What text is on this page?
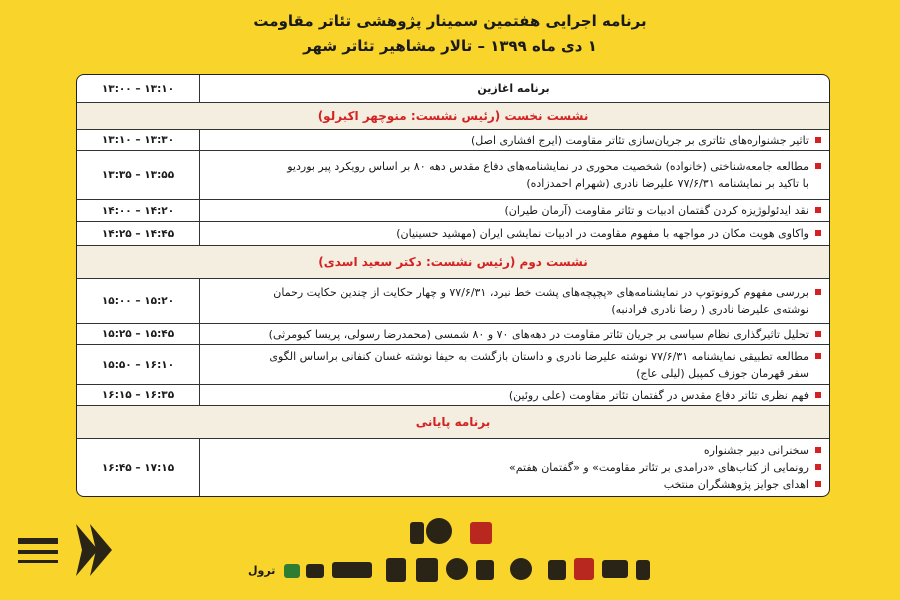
برنامه اجرایی هفتمین سمینار پژوهشی تئاتر مقاومت
۱ دی ماه ۱۳۹۹ – تالار مشاهیر تئاتر شهر
برنامه اغازین
۱۳:۰۰ – ۱۳:۱۰
نشست نخست (رئیس نشست: منوچهر اکبرلو)
تاثیر جشنواره‌های تئاتری بر جریان‌سازی تئاتر مقاومت (ایرج افشاری اصل)
۱۳:۱۰ – ۱۳:۳۰
مطالعه جامعه‌شناختی (خانواده) شخصیت محوری در نمایشنامه‌های دفاع مقدس دهه ۸۰ بر اساس رویکرد پیر بوردیو
با تاکید بر نمایشنامه ۷۷/۶/۳۱ علیرضا نادری (شهرام احمدزاده)
۱۳:۳۵ – ۱۳:۵۵
نقد ایدئولوژیزه کردن گفتمان ادبیات و تئاتر مقاومت (آرمان طیران)
۱۴:۰۰ – ۱۴:۲۰
واکاوی هویت مکان در مواجهه با مفهوم مقاومت در ادبیات نمایشی ایران (مهشید حسینیان)
۱۴:۲۵ – ۱۴:۴۵
نشست دوم (رئیس نشست: دکتر سعید اسدی)
بررسی مفهوم کرونوتوپ در نمایشنامه‌های «پچپچه‌های پشت خط نبرد، ۷۷/۶/۳۱ و چهار حکایت از چندین حکایت رحمان
نوشته‌ی علیرضا نادری ( رضا نادری فرادنبه)
۱۵:۰۰ – ۱۵:۲۰
تحلیل تاثیرگذاری نظام سیاسی بر جریان تئاتر مقاومت در دهه‌های ۷۰ و ۸۰ شمسی (محمدرضا رسولی، پریسا کیومرثی)
۱۵:۲۵ – ۱۵:۴۵
مطالعه تطبیقی نمایشنامه ۷۷/۶/۳۱ نوشته علیرضا نادری و داستان بازگشت به حیفا نوشته غسان کنفانی براساس الگوی
سفر قهرمان جوزف کمپبل (لیلی عاج)
۱۵:۵۰ – ۱۶:۱۰
فهم نظری تئاتر دفاع مقدس در گفتمان تئاتر مقاومت (علی روئین)
۱۶:۱۵ – ۱۶:۳۵
برنامه پایانی
سخنرانی دبیر جشنواره
رونمایی از کتاب‌های «درامدی بر تئاتر مقاومت» و «گفتمان هفتم»
اهدای جوایز پژوهشگران منتخب
۱۶:۴۵ – ۱۷:۱۵
ترول
